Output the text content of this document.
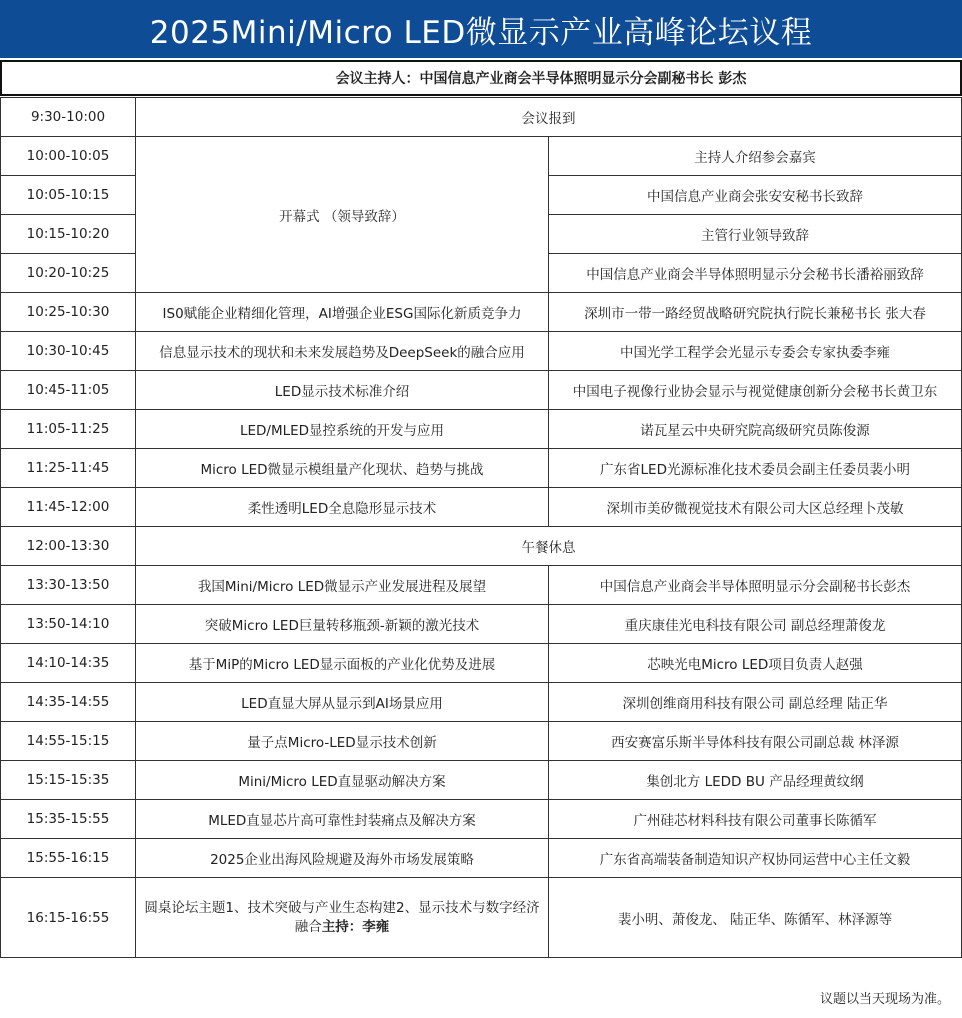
2025Mini/Micro LED微显示产业高峰论坛议程
会议主持人：中国信息产业商会半导体照明显示分会副秘书长 彭杰
9:30-10:00	会议报到	
10:00-10:05	开幕式 （领导致辞）	主持人介绍参会嘉宾
10:05-10:15		中国信息产业商会张安安秘书长致辞
10:15-10:20		主管行业领导致辞
10:20-10:25		中国信息产业商会半导体照明显示分会秘书长潘裕丽致辞
10:25-10:30	IS0赋能企业精细化管理，AI增强企业ESG国际化新质竞争力	深圳市一带一路经贸战略研究院执行院长兼秘书长 张大春
10:30-10:45	信息显示技术的现状和未来发展趋势及DeepSeek的融合应用	中国光学工程学会光显示专委会专家执委李雍
10:45-11:05	LED显示技术标准介绍	中国电子视像行业协会显示与视觉健康创新分会秘书长黄卫东
11:05-11:25	LED/MLED显控系统的开发与应用	诺瓦星云中央研究院高级研究员陈俊源
11:25-11:45	Micro LED微显示模组量产化现状、趋势与挑战	广东省LED光源标准化技术委员会副主任委员裴小明
11:45-12:00	柔性透明LED全息隐形显示技术	深圳市美矽微视觉技术有限公司大区总经理卜茂敏
12:00-13:30	午餐休息	
13:30-13:50	我国Mini/Micro LED微显示产业发展进程及展望	中国信息产业商会半导体照明显示分会副秘书长彭杰
13:50-14:10	突破Micro LED巨量转移瓶颈-新颖的激光技术	重庆康佳光电科技有限公司 副总经理萧俊龙
14:10-14:35	基于MiP的Micro LED显示面板的产业化优势及进展	芯映光电Micro LED项目负责人赵强
14:35-14:55	LED直显大屏从显示到AI场景应用	深圳创维商用科技有限公司 副总经理 陆正华
14:55-15:15	量子点Micro-LED显示技术创新	西安赛富乐斯半导体科技有限公司副总裁 林泽源
15:15-15:35	Mini/Micro LED直显驱动解决方案	集创北方 LEDD BU 产品经理黄纹纲
15:35-15:55	MLED直显芯片高可靠性封装痛点及解决方案	广州硅芯材料科技有限公司董事长陈循军
15:55-16:15	2025企业出海风险规避及海外市场发展策略	广东省高端装备制造知识产权协同运营中心主任文毅
16:15-16:55	圆桌论坛主题1、技术突破与产业生态构建2、显示技术与数字经济融合主持：李雍	裴小明、萧俊龙、 陆正华、陈循军、林泽源等
议题以当天现场为准。
